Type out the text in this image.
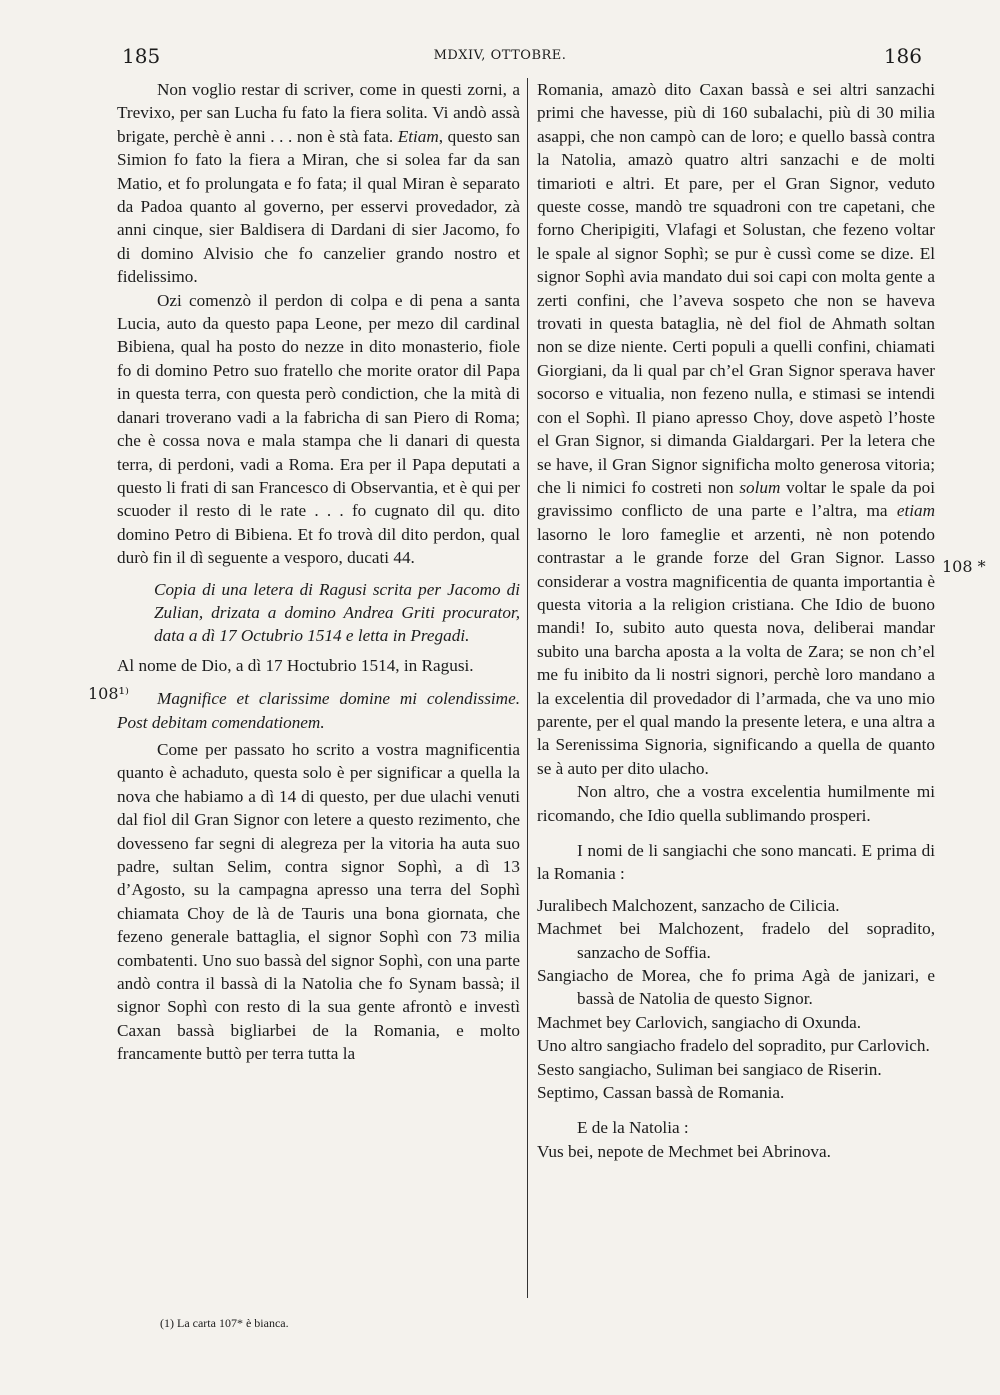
185	MDXIV, OTTOBRE.	186

Non voglio restar di scriver, come in questi zorni, a Trevixo, per san Lucha fu fato la fiera solita. Vi andò assà brigate, perchè è anni . . . non è stà fata. Etiam, questo san Simion fo fato la fiera a Miran, che si solea far da san Matio, et fo prolungata e fo fata; il qual Miran è separato da Padoa quanto al governo, per esservi provedador, zà anni cinque, sier Baldisera di Dardani di sier Jacomo, fo di domino Alvisio che fo canzelier grando nostro et fidelissimo.

Ozi comenzò il perdon di colpa e di pena a santa Lucia, auto da questo papa Leone, per mezo dil cardinal Bibiena, qual ha posto do nezze in dito monasterio, fiole fo di domino Petro suo fratello che morite orator dil Papa in questa terra, con questa però condiction, che la mità di danari troverano vadi a la fabricha di san Piero di Roma; che è cossa nova e mala stampa che li danari di questa terra, di perdoni, vadi a Roma. Era per il Papa deputati a questo li frati di san Francesco di Observantia, et è qui per scuoder il resto di le rate . . . fo cugnato dil qu. dito domino Petro di Bibiena. Et fo trovà dil dito perdon, qual durò fin il dì seguente a vesporo, ducati 44.

Copia di una letera di Ragusi scrita per Jacomo di Zulian, drizata a domino Andrea Griti procurator, data a dì 17 Octubrio 1514 e letta in Pregadi.

Al nome de Dio, a dì 17 Hoctubrio 1514, in Ragusi.

Magnifice et clarissime domine mi colendissime. Post debitam comendationem.

Come per passato ho scrito a vostra magnificentia quanto è achaduto, questa solo è per significar a quella la nova che habiamo a dì 14 di questo, per due ulachi venuti dal fiol dil Gran Signor con letere a questo rezimento, che dovesseno far segni di alegreza per la vitoria ha auta suo padre, sultan Selim, contra signor Sophì, a dì 13 d’Agosto, su la campagna apresso una terra del Sophì chiamata Choy de là de Tauris una bona giornata, che fezeno generale battaglia, el signor Sophì con 73 milia combatenti. Uno suo bassà del signor Sophì, con una parte andò contra il bassà di la Natolia che fo Synam bassà; il signor Sophì con resto di la sua gente afrontò e investì Caxan bassà bigliarbei de la Romania, e molto francamente buttò per terra tutta la

108¹⁾

Romania, amazò dito Caxan bassà e sei altri sanzachi primi che havesse, più di 160 subalachi, più di 30 milia asappi, che non campò can de loro; e quello bassà contra la Natolia, amazò quatro altri sanzachi e de molti timarioti e altri. Et pare, per el Gran Signor, veduto queste cosse, mandò tre squadroni con tre capetani, che forno Cheripigiti, Vlafagi et Solustan, che fezeno voltar le spale al signor Sophì; se pur è cussì come se dize. El signor Sophì avia mandato dui soi capi con molta gente a zerti confini, che l’aveva sospeto che non se haveva trovati in questa bataglia, nè del fiol de Ahmath soltan non se dize niente. Certi populi a quelli confini, chiamati Giorgiani, da li qual par ch’el Gran Signor sperava haver socorso e vitualia, non fezeno nulla, e stimasi se intendi con el Sophì. Il piano apresso Choy, dove aspetò l’hoste el Gran Signor, si dimanda Gialdargari. Per la letera che se have, il Gran Signor significha molto generosa vitoria; che li nimici fo costreti non solum voltar le spale da poi gravissimo conflicto de una parte e l’altra, ma etiam lasorno le loro fameglie et arzenti, nè non potendo contrastar a le grande forze del Gran Signor. Lasso considerar a vostra magnificentia de quanta importantia è questa vitoria a la religion cristiana. Che Idio de buono mandi! Io, subito auto questa nova, deliberai mandar subito una barcha aposta a la volta de Zara; se non ch’el me fu inibito da li nostri signori, perchè loro mandano a la excelentia dil provedador di l’armada, che va uno mio parente, per el qual mando la presente letera, e una altra a la Serenissima Signoria, significando a quella de quanto se à auto per dito ulacho.

Non altro, che a vostra excelentia humilmente mi ricomando, che Idio quella sublimando prosperi.

I nomi de li sangiachi che sono mancati. E prima di la Romania :

Juralibech Malchozent, sanzacho de Cilicia.

Machmet bei Malchozent, fradelo del sopradito, sanzacho de Soffia.

Sangiacho de Morea, che fo prima Agà de janizari, e bassà de Natolia de questo Signor.

Machmet bey Carlovich, sangiacho di Oxunda.

Uno altro sangiacho fradelo del sopradito, pur Carlovich.

Sesto sangiacho, Suliman bei sangiaco de Riserin.

Septimo, Cassan bassà de Romania.

E de la Natolia :

Vus bei, nepote de Mechmet bei Abrinova.

108 *

(1) La carta 107* è bianca.
